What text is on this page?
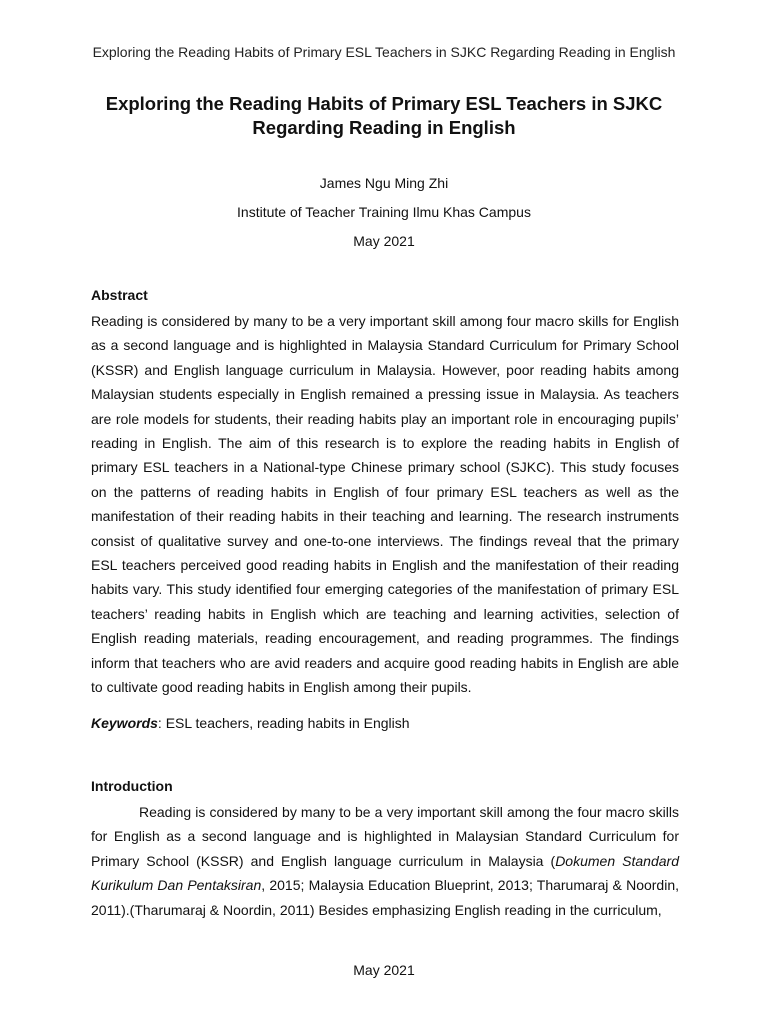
Exploring the Reading Habits of Primary ESL Teachers in SJKC Regarding Reading in English
Exploring the Reading Habits of Primary ESL Teachers in SJKC Regarding Reading in English
James Ngu Ming Zhi
Institute of Teacher Training Ilmu Khas Campus
May 2021
Abstract

Reading is considered by many to be a very important skill among four macro skills for English as a second language and is highlighted in Malaysia Standard Curriculum for Primary School (KSSR) and English language curriculum in Malaysia. However, poor reading habits among Malaysian students especially in English remained a pressing issue in Malaysia. As teachers are role models for students, their reading habits play an important role in encouraging pupils’ reading in English. The aim of this research is to explore the reading habits in English of primary ESL teachers in a National-type Chinese primary school (SJKC). This study focuses on the patterns of reading habits in English of four primary ESL teachers as well as the manifestation of their reading habits in their teaching and learning. The research instruments consist of qualitative survey and one-to-one interviews. The findings reveal that the primary ESL teachers perceived good reading habits in English and the manifestation of their reading habits vary. This study identified four emerging categories of the manifestation of primary ESL teachers’ reading habits in English which are teaching and learning activities, selection of English reading materials, reading encouragement, and reading programmes. The findings inform that teachers who are avid readers and acquire good reading habits in English are able to cultivate good reading habits in English among their pupils.

Keywords: ESL teachers, reading habits in English

Introduction

Reading is considered by many to be a very important skill among the four macro skills for English as a second language and is highlighted in Malaysian Standard Curriculum for Primary School (KSSR) and English language curriculum in Malaysia (Dokumen Standard Kurikulum Dan Pentaksiran, 2015; Malaysia Education Blueprint, 2013; Tharumaraj & Noordin, 2011).(Tharumaraj & Noordin, 2011) Besides emphasizing English reading in the curriculum,

May 2021
